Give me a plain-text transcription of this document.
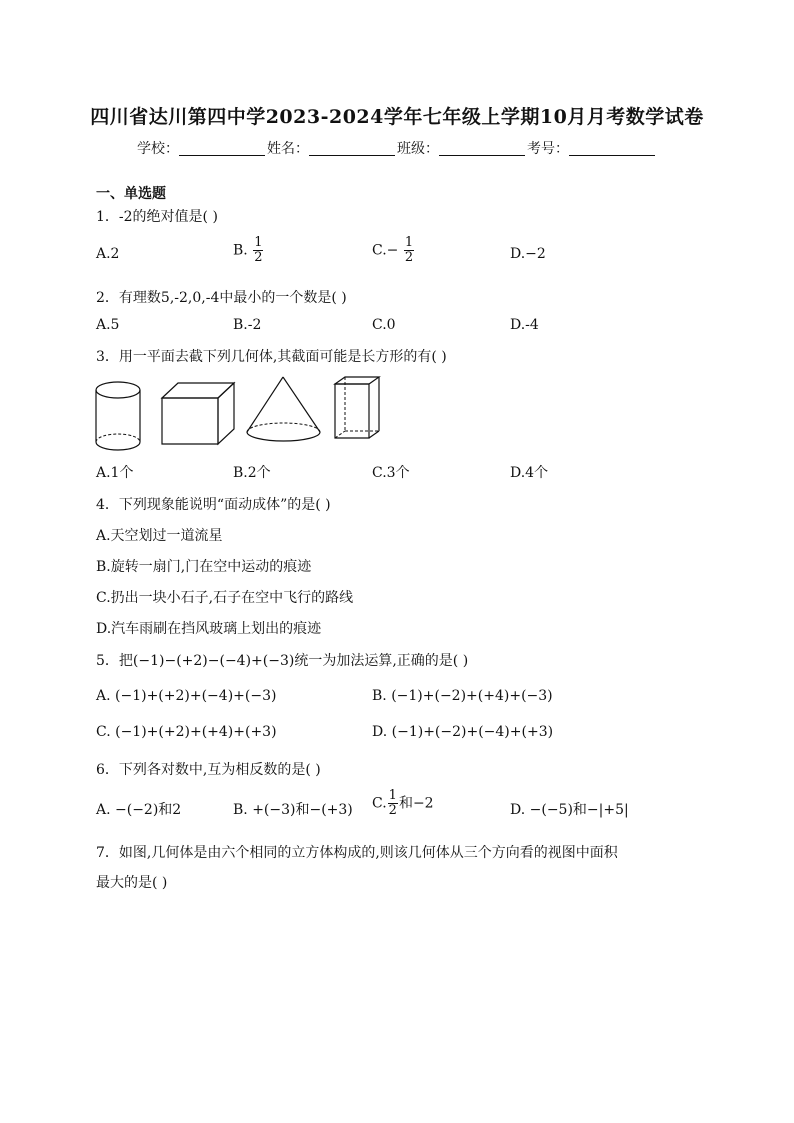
四川省达川第四中学2023-2024学年七年级上学期10月月考数学试卷
学校：	姓名：	班级：	考号：
一、单选题
1．-2的绝对值是( )
A.2	B. $\frac{1}{2}$	$C.- \frac{1}{2}$	D.−2
2．有理数5,-2,0,-4中最小的一个数是( )
A.5	B.-2	C.0	D.-4
3．用一平面去截下列几何体,其截面可能是长方形的有( )
A.1个	B.2个	C.3个	D.4个
4．下列现象能说明“面动成体”的是( )
A.天空划过一道流星
B.旋转一扇门,门在空中运动的痕迹
C.扔出一块小石子,石子在空中飞行的路线
D.汽车雨刷在挡风玻璃上划出的痕迹
5．把(−1)−(+2)−(−4)+(−3)统一为加法运算,正确的是( )
A. (−1)+(+2)+(−4)+(−3)	B. (−1)+(−2)+(+4)+(−3)
C. (−1)+(+2)+(+4)+(+3)	D. (−1)+(−2)+(−4)+(+3)
6．下列各对数中,互为相反数的是( )
A. −(−2)和2	B. +(−3)和−(+3) C. $\frac{1}{2}$ 和−2	D. −(−5)和−|+5|
7．如图,几何体是由六个相同的立方体构成的,则该几何体从三个方向看的视图中面积
最大的是( )
